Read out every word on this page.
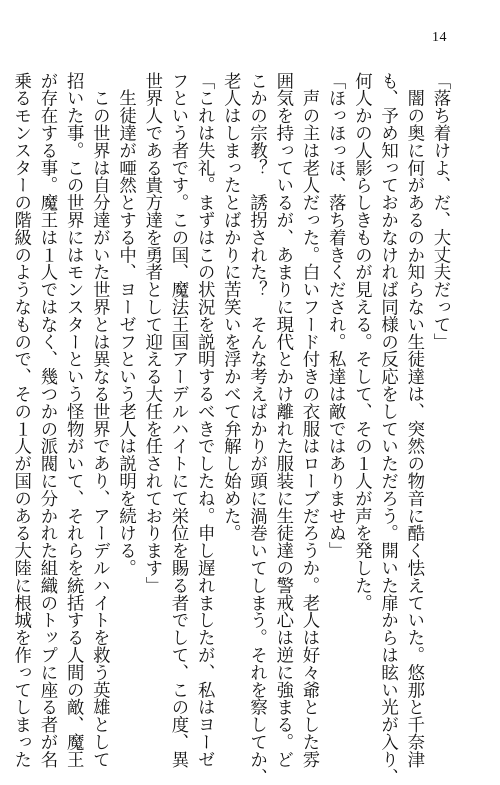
14
「落ち着けよ、だ、大丈夫だって」
　闇の奥に何があるのか知らない生徒達は、突然の物音に酷く怯えていた。悠那と千奈津
も、予め知っておかなければ同様の反応をしていただろう。開いた扉からは眩い光が入り、
何人かの人影らしきものが見える。そして、その１人が声を発した。
「ほっほっほ、落ち着きくだされ。私達は敵ではありませぬ」
　声の主は老人だった。白いフード付きの衣服はローブだろうか。老人は好々爺とした雰
囲気を持っているが、あまりに現代とかけ離れた服装に生徒達の警戒心は逆に強まる。ど
こかの宗教？　誘拐された？　そんな考えばかりが頭に渦巻いてしまう。それを察してか、
老人はしまったとばかりに苦笑いを浮かべて弁解し始めた。
「これは失礼。まずはこの状況を説明するべきでしたね。申し遅れましたが、私はヨーゼ
フという者です。この国、魔法王国アーデルハイトにて栄位を賜る者でして、この度、異
世界人である貴方達を勇者として迎える大任を任されております」
　生徒達が唖然とする中、ヨーゼフという老人は説明を続ける。
　この世界は自分達がいた世界とは異なる世界であり、アーデルハイトを救う英雄として
招いた事。この世界にはモンスターという怪物がいて、それらを統括する人間の敵、魔王
が存在する事。魔王は１人ではなく、幾つかの派閥に分かれた組織のトップに座る者が名
乗るモンスターの階級のようなもので、その１人が国のある大陸に根城を作ってしまった
